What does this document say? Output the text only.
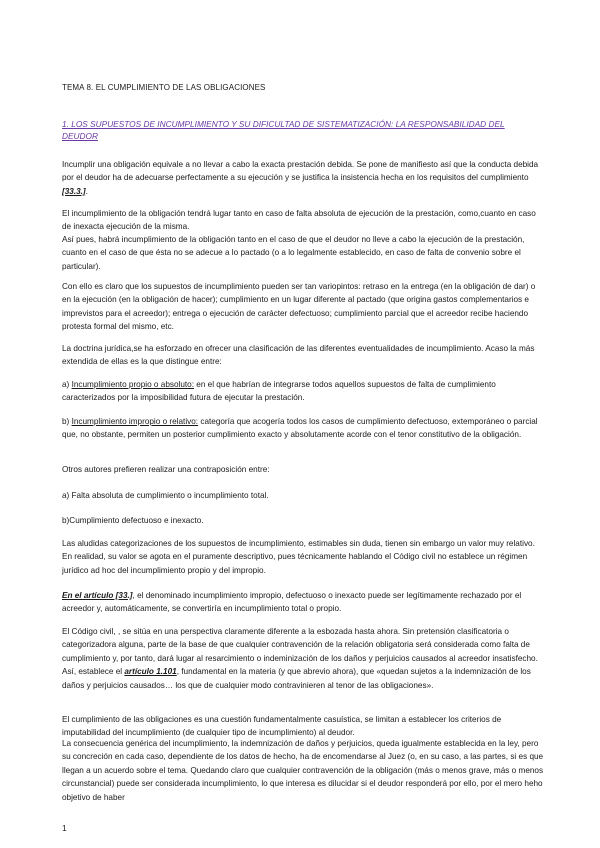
TEMA 8. EL CUMPLIMIENTO DE LAS OBLIGACIONES
1. LOS SUPUESTOS DE INCUMPLIMIENTO Y SU DIFICULTAD DE SISTEMATIZACIÓN: LA RESPONSABILIDAD DEL DEUDOR

Incumplir una obligación equivale a no llevar a cabo la exacta prestación debida. Se pone de manifiesto así que la conducta debida por el deudor ha de adecuarse perfectamente a su ejecución y se justifica la insistencia hecha en los requisitos del cumplimiento [33.3.].

El incumplimiento de la obligación tendrá lugar tanto en caso de falta absoluta de ejecución de la prestación, como,cuanto en caso de inexacta ejecución de la misma.

Así pues, habrá incumplimiento de la obligación tanto en el caso de que el deudor no lleve a cabo la ejecución de la prestación, cuanto en el caso de que ésta no se adecue a lo pactado (o a lo legalmente establecido, en caso de falta de convenio sobre el particular).

Con ello es claro que los supuestos de incumplimiento pueden ser tan variopintos: retraso en la entrega (en la obligación de dar) o en la ejecución (en la obligación de hacer); cumplimiento en un lugar diferente al pactado (que origina gastos complementarios e imprevistos para el acreedor); entrega o ejecución de carácter defectuoso; cumplimiento parcial que el acreedor recibe haciendo protesta formal del mismo, etc.

La doctrina jurídica,se ha esforzado en ofrecer una clasificación de las diferentes eventualidades de incumplimiento. Acaso la más extendida de ellas es la que distingue entre:

a) Incumplimiento propio o absoluto: en el que habrían de integrarse todos aquellos supuestos de falta de cumplimiento caracterizados por la imposibilidad futura de ejecutar la prestación.

b) Incumplimiento impropio o relativo: categoría que acogería todos los casos de cumplimiento defectuoso, extemporáneo o parcial que, no obstante, permiten un posterior cumplimiento exacto y absolutamente acorde con el tenor constitutivo de la obligación.

Otros autores prefieren realizar una contraposición entre:

a) Falta absoluta de cumplimiento o incumplimiento total.

b)Cumplimiento defectuoso e inexacto.

Las aludidas categorizaciones de los supuestos de incumplimiento, estimables sin duda, tienen sin embargo un valor muy relativo. En realidad, su valor se agota en el puramente descriptivo, pues técnicamente hablando el Código civil no establece un régimen jurídico ad hoc del incumplimiento propio y del impropio.

En el artículo [33.], el denominado incumplimiento impropio, defectuoso o inexacto puede ser legítimamente rechazado por el acreedor y, automáticamente, se convertiría en incumplimiento total o propio.

El Código civil, , se sitúa en una perspectiva claramente diferente a la esbozada hasta ahora. Sin pretensión clasificatoria o categorizadora alguna, parte de la base de que cualquier contravención de la relación obligatoria será considerada como falta de cumplimiento y, por tanto, dará lugar al resarcimiento o indeminización de los daños y perjuicios causados al acreedor insatisfecho. Así, establece el artículo 1.101, fundamental en la materia (y que abrevio ahora), que «quedan sujetos a la indemnización de los daños y perjuicios causados… los que de cualquier modo contravinieren al tenor de las obligaciones».

El cumplimiento de las obligaciones es una cuestión fundamentalmente casuística, se limitan a establecer los criterios de imputabilidad del incumplimiento (de cualquier tipo de incumplimiento) al deudor.

La consecuencia genérica del incumplimiento, la indemnización de daños y perjuicios, queda igualmente establecida en la ley, pero su concreción en cada caso, dependiente de los datos de hecho, ha de encomendarse al Juez (o, en su caso, a las partes, si es que llegan a un acuerdo sobre el tema. Quedando claro que cualquier contravención de la obligación (más o menos grave, más o menos circunstancial) puede ser considerada incumplimiento, lo que interesa es dilucidar si el deudor responderá por ello, por el mero heho objetivo de haber

1
